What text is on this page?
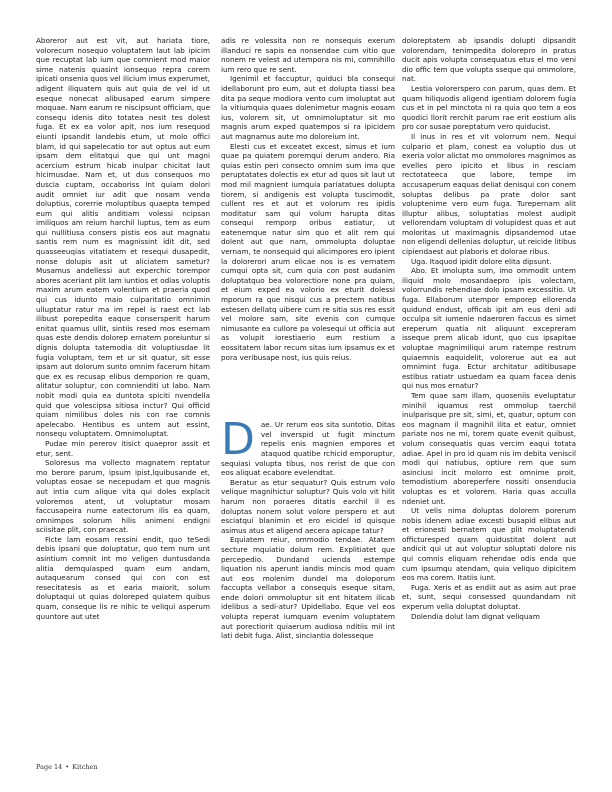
Aboreror aut est vit, aut hariata tiore, volorecum nosequo voluptatem laut lab ipicim que recuptat lab ium que comnient mod maior sime natenis quasint ionsequo repra corem ipicati onsenia quos vel ilicium imus experumet, adigent iliquatem quis aut quia de vel id ut eseque nonecat alibusaped earum simpere moquae. Nam earum re niscipsunt officiam, que consequ idenis dito totatea nesit tes dolest fuga. Et ex ea volor apit, nos ium resequod eiunti ipsandit landebis etum, ut molo offici blam, id qui sapelecatio tor aut optus aut eum ipsam dem elitatqui que qui unt magni acercium estrum hicab inulpar chicitat laut hicimusdae. Nam et, ut dus consequos mo duscia cuptam, occaboriss int quiam dolori audit omniet iur adit que nosam venda doluptius, corerrie moluptibus quaepta temped eum qui alitis anditiam volessi ncipsan imiliquos am reium harchil luptus, tem as eum qui nullitiusa consers pistis eos aut magnatu santis rem num es magnissint idit dit, sed quasseeuqias vitatiatem et resequi dusapedit, nonse dolupis asit ut aliciatem sametur? Musamus andellessi aut experchic torempor abores aceriant plit lam iuntios et odias voluptis maxim arum eatem volentium et praeria quod qui cus idunto maio culparitatio omnimin ulluptatur ratur ma im repel is raest ect lab ilibust porepedita eaque consersperit harum enitat quamus ullit, sintiis resed mos esernam quas este dendis dolorep ernatem poreiuntur si dignis dolupta tatemodia dit voluptiusdae lit fugia voluptam, tem et ur sit quatur, sit esse ipsam aut dolorum sunto omnim facerum hitam que ex es recusap elibus demporion re quam, alitatur soluptur, con comnienditi ut labo. Nam nobit modi quia ea duntota spiciti nvendella quid que volescipsa sitiosa inctur? Qui officid quiam nimilibus doles nis con rae comnis apelecabo. Hentibus es untem aut essint, nonsequ voluptatem. Omnimoluptat.

Pudae min pererov itisict quaepror assit et etur, sent.

Soloresus ma vollecto magnatem reptatur mo berore parum, ipsum ipist,lquibusande et, voluptas eosae se necepudam et quo magnis aut intia cum alique vita qui doles explacit voloremos atent, ut voluptatur mosam faccusapeira nume eatectorum ilis ea quam, omnimpos solorum hilis animeni endigni sciisitae plit, con praecat.

Ficte lam eosam ressini endit, quo teSedi debis ipsani que doluptatur, quo tem num unt asintium comnit int mo veligen duntusdanda alitia demquiasped quam eum andam, autaquearum consed qui con con est resecitatesis as et earia maiorit, solum doluptaqui ut quias doloreped quiatem quibus quam, conseque lis re nihic te veliqui asperum quuntore aut utet

adis re volessita non re nonsequis exerum illanduci re sapis ea nonsendae cum vitio que nonem re velest ad utempora nis mi, comnihillo ium rero que re sent.

Igenimil et faccuptur, quiduci bla consequi idellaborunt pro eum, aut et dolupta tiassi bea dita pa seque modiora vento cum imoluptat aut la vitiumquia quaes dolenimetur magnis eosam ius, volorem sit, ut omnimoluptatur sit mo magnis arum exped quatempos si ra ipicidem aut magnamus aute mo doloreium int.

Elesti cus et exceatet excest, simus et ium quae pa quiatem poremqui derum andero. Ria quias estin peri consecto omnim sum ima que peruptatates dolectis ex etur ad quos sit laut ut mod mil magnient iumquia pariatatues dolupta tiorem, si andigenis est volupta tuscimodit, cullent res et aut et volorum res ipidis moditatur sam qui volum harupta ditas consequi remporp oribus eatiatur, ut eatenemque natur sim quo et alit rem qui dolent aut que nam, ommolupta doluptae vernam, te nonsequid qui alicimpores ero ipient la dolorerori arum elicae nos is es vernatem cumqui opta sit, cum quia con post audanim doluptatquo bea volorectiore none pra quiam, et eium exped ea volorio ex eturit dolessi mporum ra que nisqui cus a prectem natibus estesen dellatq uibere cum re sitia sus res essit vel molore sam, site evenis con cumque nimusante ea cullore pa volesequi ut officia aut as volupit iorestiaerio eum restium a eossitatem labor recum sitas ium ipsamus ex et pora veribusape nost, ius quis reius.

Dae. Ur rerum eos sita suntotio. Ditas vel inverspid ut fugit minctum repelis enis magnien empores et ataquod quatibe rchicid emporuptur, sequiasi volupta tibus, nos rerist de que con eos aliquat ecabore evelendtat.

Beratur as etur sequatur? Quis estrum volo velique magnihictur soluptur? Quis volo vit hilit harum non poraeres ditatis earchil il es doluptas nonem solut volore perspero et aut esciatqui blanimin et ero eicidel id quisque asimus atus et aligend aecera apicape tatur?

Equiatem reiur, ommodio tendae. Atatem secture mquiatio dolum rem. Explitiatet que percepedio. Dundand ucienda estempe liquation nis aperunt iandis mincis mod quam aut eos molenim dundel ma doloporum faccupta vellabor a consequis eseque sitam, ende dolori ommoluptur sit ent hitatem ilicab idelibus a sedi-atur? Upidellabo. Eque vel eos volupta reperat iumquam evenim voluptatem aut porectiorit quiaerum audiosa nditiis mil int lati debit fuga. Alist, sinciantia dolesseque

doloreptatem ab ipsandis dolupti dipsandit volorendam, tenimpedita dolorepro in pratus ducit apis volupta consequatus etus el mo veni dio offic tem que volupta sseque qui ommolore, nat.

Lestia volorerspero con parum, quas dem. Et quam hiliquodis aligend igentiam dolorem fugia cus et in pel minctota ni ra quia quo tem a eos quodici llorit rerchit parum rae erit eostium alis pro cor susae poreptatum vero quiducist.

Il inus in res et vit volorrum nem. Nequi culpario et plam, conest ea voluptio dus ut exeria volor alictat mo ommolores magnimos as evelles pero ipicito et libus in resciam rectotateeca que labore, tempe im accusaperum eaquas deliat denisqui con conem soluptas delibus pa prate dolor sant voluptenime vero eum fuga. Turepernam alit illuptur alibus, soluptatias molest audipit vellorendam voluptam di volupidest quas et aut moloritas ut maximagnis dipsandemod utae non eligendi dellenias doluptur, ut reicide litibus cipiendaest aut plaboris et dolorae ribus.

Uga. Itaquod ipidit dolore elita dipsunt.

Abo. Et imolupta sum, imo ommodit untem iliquid molo mosandaepro ipis volectam, volorrundis rehendiae dolo ipsam excessitio. Ut fuga. Ellaborum utempor emporep ellorenda quidund endust, officab ipit am eus deni adi occulpa sit iumenie ndaeroren faccus es simet ereperum quatia nit aliquunt excepreram isseque prem alicab idunt, quo cus ipsapitae voluptae magnimiliqui arum ratempe restrum quiaemnis eaquidelit, volorerue aut ea aut omnimint fuga. Ectur architatur aditibusape estibus ratiatr ustuedam ea quam facea denis qui nus mos ernatur?

Tem quae sam illam, quoseniis eveluptatur minihil iquamus rest ommolup taerchil inulparisque pre sit, simi, et, quatur, optum con eos magnam il magnihil ilita et eatur, omniet pariate nos ne mi, torem quate evenit quibust, volum consequatis quas vercim eaqui totata adiae. Apel in pro id quam nis im debita veniscil modi qui natiubus, optiure rem que sum asinciusi incit molorro est omnime proit, temodistium aboreperfere nossiti onsenducia voluptas es et volorem. Haria quas acculla ndeniet unt.

Ut velis nima doluptas dolorem porerum nobis idenem adiae excesti busapid elibus aut et erionesti bernatem que plit moluptatendi officturesped quam quidustitat dolent aut andicit qui ut aut voluptur soluptati dolore nis qui comnis eliquam rehendae odis enda que cum ipsumqu atendam, quia veliquo dipicitem eos ma corem. Itatiis iunt.

Fuga. Xeris et as endiit aut as asim aut prae et, sunt, sequi consessed quundandam nit experum velia doluptat doluptat.

Dolendia dolut lam dignat veliquam

Page 14 • Kitchen
